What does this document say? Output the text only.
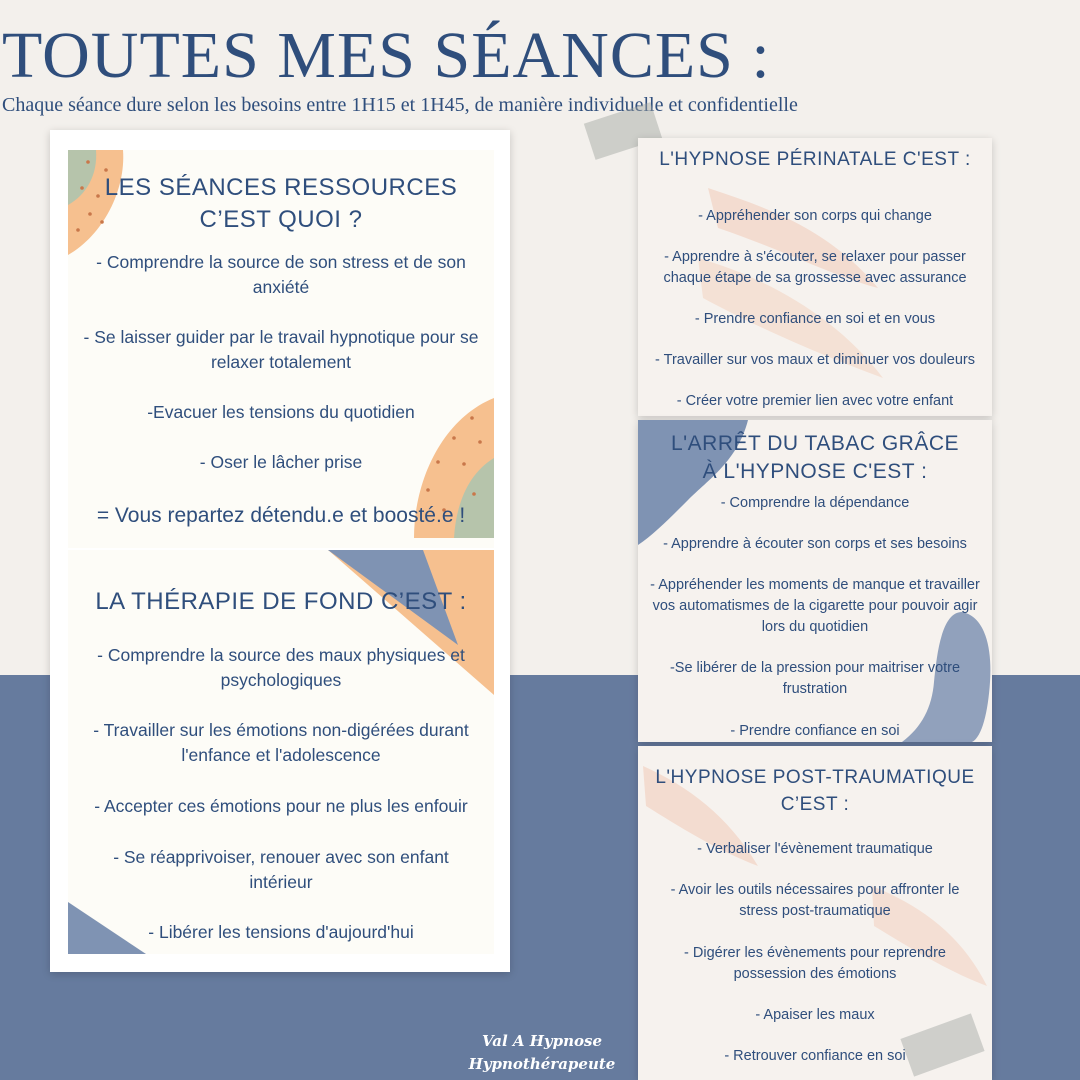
TOUTES MES SÉANCES :

Chaque séance dure selon les besoins entre 1H15 et 1H45, de manière individuelle et confidentielle

LES SÉANCES RESSOURCES
C’EST QUOI ?

- Comprendre la source de son stress et de son anxiété

- Se laisser guider par le travail hypnotique pour se relaxer totalement

-Evacuer les tensions du quotidien

- Oser le lâcher prise

= Vous repartez détendu.e et boosté.e !

LA THÉRAPIE DE FOND C’EST :

- Comprendre la source des maux physiques et psychologiques

- Travailler sur les émotions non-digérées durant l'enfance et l'adolescence

- Accepter ces émotions pour ne plus les enfouir

- Se réapprivoiser, renouer avec son enfant intérieur

- Libérer les tensions d'aujourd'hui

L'HYPNOSE PÉRINATALE C'EST :

- Appréhender son corps qui change

- Apprendre à s'écouter, se relaxer pour passer chaque étape de sa grossesse avec assurance

- Prendre confiance en soi et en vous

- Travailler sur vos maux et diminuer vos douleurs

- Créer votre premier lien avec votre enfant

L'ARRÊT DU TABAC GRÂCE
À L'HYPNOSE C'EST :

- Comprendre la dépendance

- Apprendre à écouter son corps et ses besoins

- Appréhender les moments de manque et travailler vos automatismes de la cigarette pour pouvoir agir lors du quotidien

-Se libérer de la pression pour maitriser votre frustration

- Prendre confiance en soi

L'HYPNOSE POST-TRAUMATIQUE
C’EST :

- Verbaliser l'évènement traumatique

- Avoir les outils nécessaires pour affronter le stress post-traumatique

- Digérer les évènements pour reprendre possession des émotions

- Apaiser les maux

- Retrouver confiance en soi

Val A Hypnose
Hypnothérapeute
